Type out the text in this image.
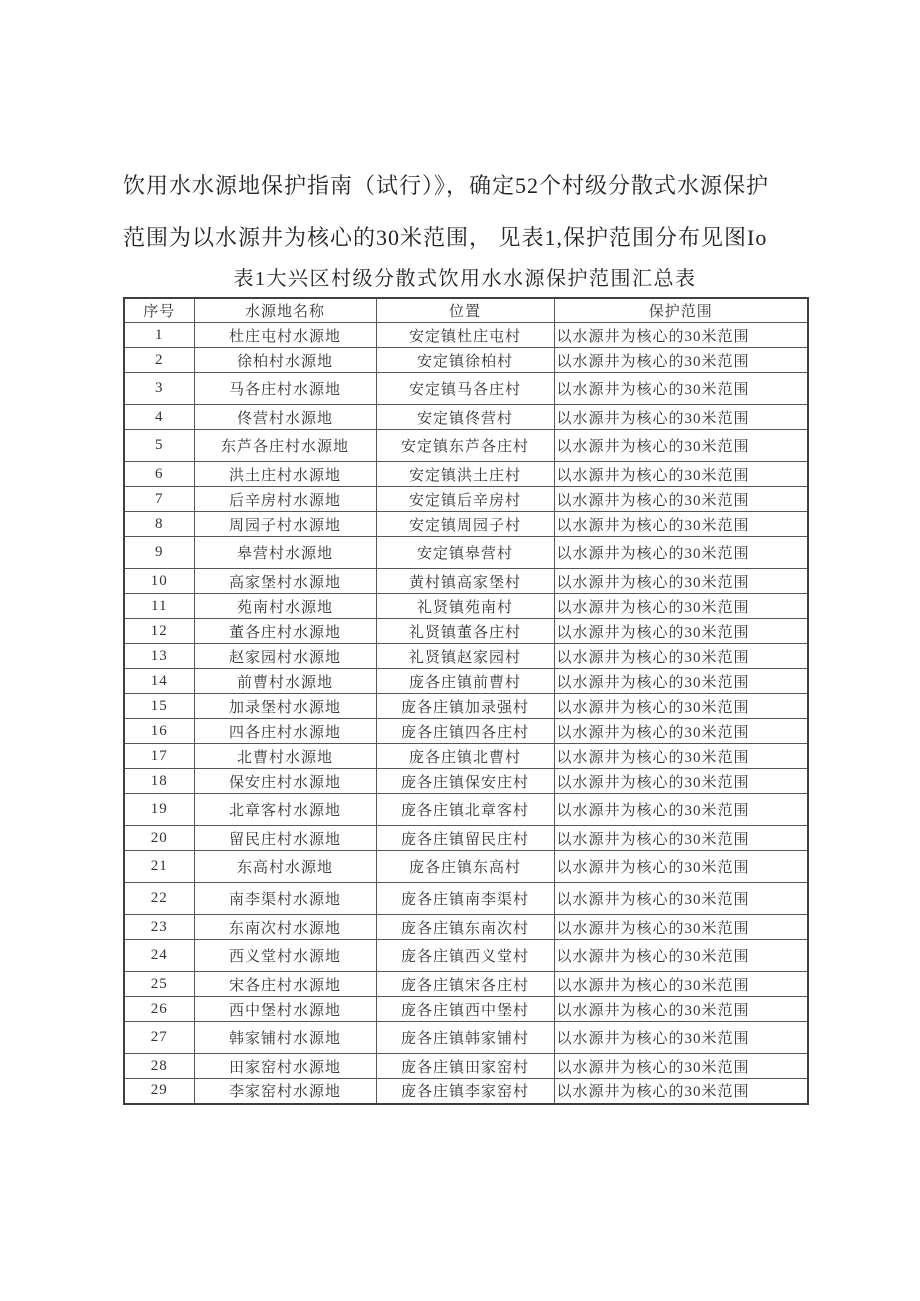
饮用水水源地保护指南（试行）》，确定52个村级分散式水源保护
范围为以水源井为核心的30米范围， 见表1,保护范围分布见图Io
表1大兴区村级分散式饮用水水源保护范围汇总表
序号	水源地名称	位置	保护范围
1	杜庄屯村水源地	安定镇杜庄屯村	以水源井为核心的30米范围
2	徐柏村水源地	安定镇徐柏村	以水源井为核心的30米范围
3	马各庄村水源地	安定镇马各庄村	以水源井为核心的30米范围
4	佟营村水源地	安定镇佟营村	以水源井为核心的30米范围
5	东芦各庄村水源地	安定镇东芦各庄村	以水源井为核心的30米范围
6	洪土庄村水源地	安定镇洪土庄村	以水源井为核心的30米范围
7	后辛房村水源地	安定镇后辛房村	以水源井为核心的30米范围
8	周园子村水源地	安定镇周园子村	以水源井为核心的30米范围
9	皋营村水源地	安定镇皋营村	以水源井为核心的30米范围
10	高家堡村水源地	黄村镇高家堡村	以水源井为核心的30米范围
11	苑南村水源地	礼贤镇苑南村	以水源井为核心的30米范围
12	董各庄村水源地	礼贤镇董各庄村	以水源井为核心的30米范围
13	赵家园村水源地	礼贤镇赵家园村	以水源井为核心的30米范围
14	前曹村水源地	庞各庄镇前曹村	以水源井为核心的30米范围
15	加录堡村水源地	庞各庄镇加录强村	以水源井为核心的30米范围
16	四各庄村水源地	庞各庄镇四各庄村	以水源井为核心的30米范围
17	北曹村水源地	庞各庄镇北曹村	以水源井为核心的30米范围
18	保安庄村水源地	庞各庄镇保安庄村	以水源井为核心的30米范围
19	北章客村水源地	庞各庄镇北章客村	以水源井为核心的30米范围
20	留民庄村水源地	庞各庄镇留民庄村	以水源井为核心的30米范围
21	东高村水源地	庞各庄镇东高村	以水源井为核心的30米范围
22	南李渠村水源地	庞各庄镇南李渠村	以水源井为核心的30米范围
23	东南次村水源地	庞各庄镇东南次村	以水源井为核心的30米范围
24	西义堂村水源地	庞各庄镇西义堂村	以水源井为核心的30米范围
25	宋各庄村水源地	庞各庄镇宋各庄村	以水源井为核心的30米范围
26	西中堡村水源地	庞各庄镇西中堡村	以水源井为核心的30米范围
27	韩家铺村水源地	庞各庄镇韩家铺村	以水源井为核心的30米范围
28	田家窑村水源地	庞各庄镇田家窑村	以水源井为核心的30米范围
29	李家窑村水源地	庞各庄镇李家窑村	以水源井为核心的30米范围
